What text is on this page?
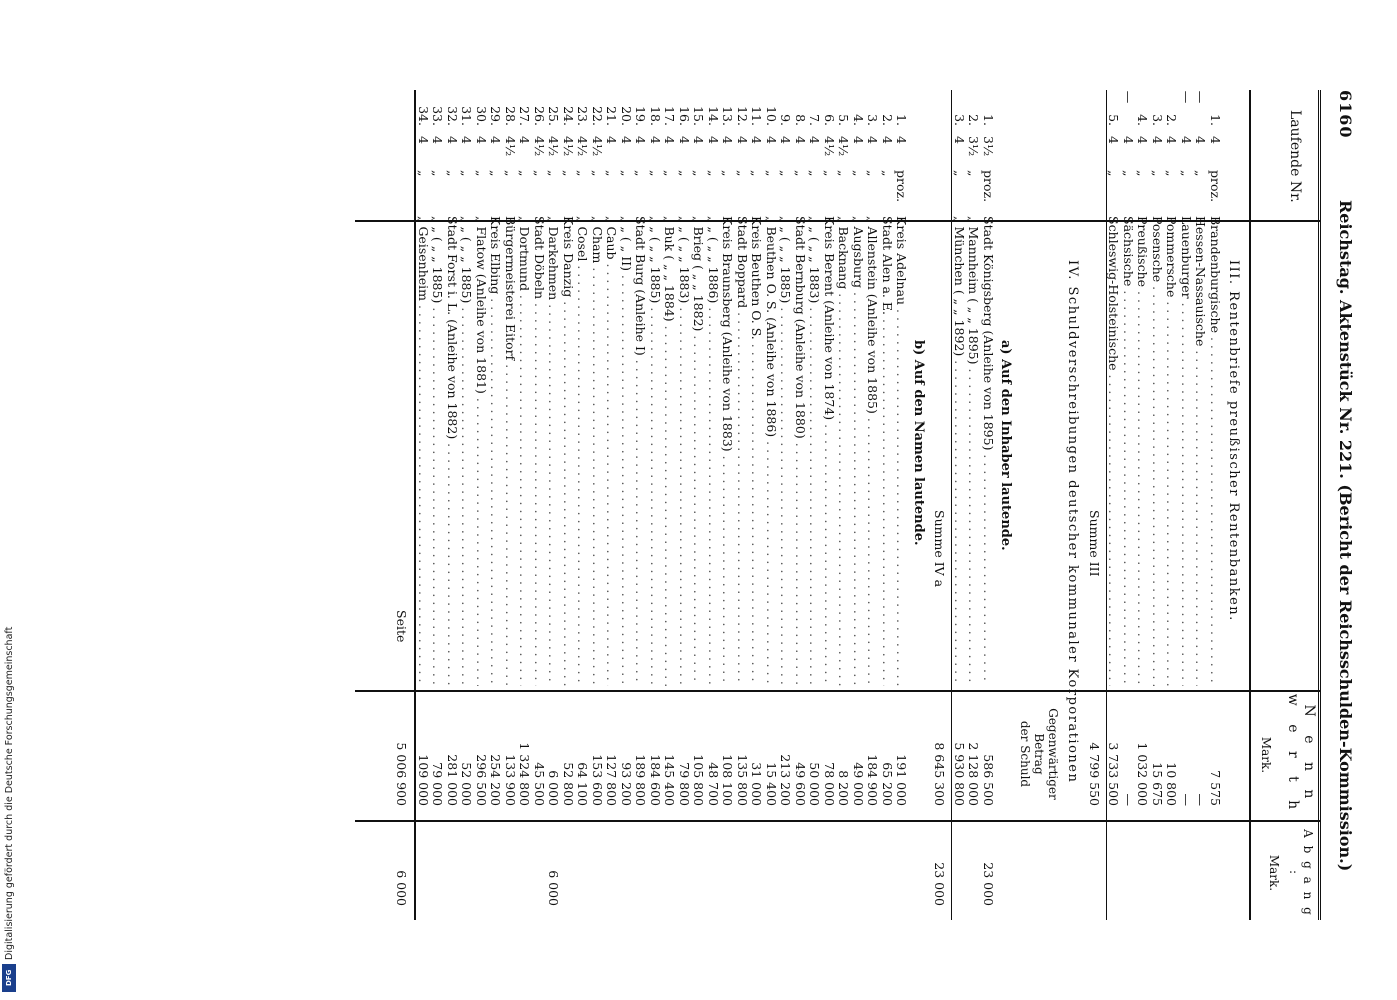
Digitalisierung gefördert durch die Deutsche Forschungsgemeinschaft
DFG
6160
Reichstag. Aktenstück Nr. 221. (Bericht der Reichsschulden-Kommission.)
Laufende Nr.
N e n n w e r t h
Mark.
A b g a n g :
Mark.
III. Rentenbriefe preußischer Rentenbanken.
1.
4
proz.
Brandenburgische . . .
7 575
—
4
„
Hessen-Nassauische . . .
—
—
4
„
Lauenburger . . .
—
2.
4
„
Pommersche . . .
10 800
3.
4
„
Posensche . . .
15 675
4.
4
„
Preußische . . .
1 032 000
—
4
„
Sächsische . . .
—
5.
4
„
Schleswig-Holsteinische . . .
3 733 500
Summe III
4 799 550
IV. Schuldverschreibungen deutscher kommunaler Korporationen
Gegenwärtiger
Betrag
der Schuld
a) Auf den Inhaber lautende.
1.
3½
proz.
Stadt Königsberg (Anleihe von 1895) . . .
586 500
23 000
2.
3½
„
„ Mannheim ( „ „ 1895) . . .
2 128 000
3.
4
„
„ München ( „ „ 1892) . . .
5 930 800
Summe IV a
8 645 300
23 000
b) Auf den Namen lautende.
1.
4
proz.
Kreis Adelnau . . .
191 000
2.
4
„
Stadt Alen a. E. . . .
65 200
3.
4
„
„ Allenstein (Anleihe von 1885) . . .
184 900
4.
4
„
„ Augsburg . . .
49 000
5.
4½
„
„ Backnang . . .
8 200
6.
4½
„
Kreis Berent (Anleihe von 1874) . . .
78 000
7.
4
„
„ „ ( „ „ 1883) . . .
50 000
8.
4
„
Stadt Bernburg (Anleihe von 1880) . . .
49 600
9.
4
„
„ „ ( „ „ 1885) . . .
213 200
10.
4
„
„ Beuthen O. S. (Anleihe von 1886) . . .
15 400
11.
4
„
Kreis Beuthen O. S. . . .
31 000
12.
4
„
Stadt Boppard . . .
135 800
13.
4
„
Kreis Braunsberg (Anleihe von 1883) . . .
108 100
14.
4
„
„ „ ( „ „ 1886) . . .
48 700
15.
4
„
„ Brieg ( „ „ 1882) . . .
105 800
16.
4
„
„ „ ( „ „ 1883) . . .
79 800
17.
4
„
„ Buk ( „ „ 1884) . . .
145 400
18.
4
„
„ „ ( „ „ 1885) . . .
184 600
19.
4
„
Stadt Burg (Anleihe I) . . .
189 800
20.
4
„
„ „ ( „ II) . . .
93 200
21.
4
„
„ Caub . . .
127 800
22.
4½
„
„ Cham . . .
153 600
23.
4½
„
„ Cosel . . .
64 100
24.
4½
„
Kreis Danzig . . .
52 800
25.
4½
„
„ Darkehmen . . .
6 000
6 000
26.
4½
„
Stadt Döbeln . . .
45 500
27.
4
„
„ Dortmund . . .
1 324 800
28.
4½
„
Bürgermeisterei Eitorf . . .
133 900
29.
4
„
Kreis Elbing . . .
254 200
30.
4
„
„ Flatow (Anleihe von 1881) . . .
296 500
31.
4
„
„ „ ( „ „ 1885) . . .
52 000
32.
4
„
Stadt Forst i. L. (Anleihe von 1882) . . .
281 000
33.
4
„
„ „ ( „ „ 1885) . . .
79 000
34.
4
„
„ Geisenheim . . .
109 000
Seite
5 006 900
6 000
